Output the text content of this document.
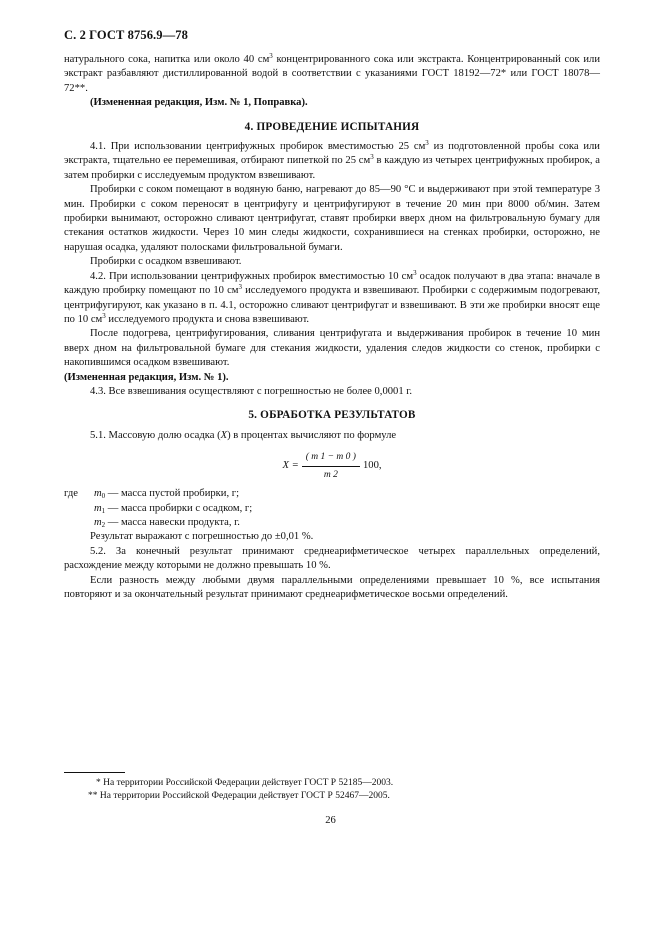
С. 2 ГОСТ 8756.9—78

натурального сока, напитка или около 40 $см^3$ концентрированного сока или экстракта. Концентрированный сок или экстракт разбавляют дистиллированной водой в соответствии с указаниями ГОСТ 18192—72* или ГОСТ 18078—72**.

(Измененная редакция, Изм. № 1, Поправка).

4. ПРОВЕДЕНИЕ ИСПЫТАНИЯ

4.1. При использовании центрифужных пробирок вместимостью 25 $см^3$ из подготовленной пробы сока или экстракта, тщательно ее перемешивая, отбирают пипеткой по 25 $см^3$ в каждую из четырех центрифужных пробирок, а затем пробирки с исследуемым продуктом взвешивают.

Пробирки с соком помещают в водяную баню, нагревают до 85—90 °С и выдерживают при этой температуре 3 мин. Пробирки с соком переносят в центрифугу и центрифугируют в течение 20 мин при 8000 об/мин. Затем пробирки вынимают, осторожно сливают центрифугат, ставят пробирки вверх дном на фильтровальную бумагу для стекания остатков жидкости. Через 10 мин следы жидкости, сохранившиеся на стенках пробирки, осторожно, не нарушая осадка, удаляют полосками фильтровальной бумаги.

Пробирки с осадком взвешивают.

4.2. При использовании центрифужных пробирок вместимостью 10 $см^3$ осадок получают в два этапа: вначале в каждую пробирку помещают по 10 $см^3$ исследуемого продукта и взвешивают. Пробирки с содержимым подогревают, центрифугируют, как указано в п. 4.1, осторожно сливают центрифугат и взвешивают. В эти же пробирки вносят еще по 10 $см^3$ исследуемого продукта и снова взвешивают.

После подогрева, центрифугирования, сливания центрифугата и выдерживания пробирок в течение 10 мин вверх дном на фильтровальной бумаге для стекания жидкости, удаления следов жидкости со стенок, пробирки с накопившимся осадком взвешивают.

(Измененная редакция, Изм. № 1).

4.3. Все взвешивания осуществляют с погрешностью не более 0,0001 г.

5. ОБРАБОТКА РЕЗУЛЬТАТОВ

5.1. Массовую долю осадка (X) в процентах вычисляют по формуле

$X = \frac{( m 1 - m 0 )}{m 2} 100$,
где	$m_0$ — масса пустой пробирки, г;
$m_1$ — масса пробирки с осадком, г;
$m_2$ — масса навески продукта, г.

Результат выражают с погрешностью до ±0,01 %.

5.2. За конечный результат принимают среднеарифметическое четырех параллельных определений, расхождение между которыми не должно превышать 10 %.

Если разность между любыми двумя параллельными определениями превышает 10 %, все испытания повторяют и за окончательный результат принимают среднеарифметическое восьми определений.

* На территории Российской Федерации действует ГОСТ Р 52185—2003.
** На территории Российской Федерации действует ГОСТ Р 52467—2005.
26
